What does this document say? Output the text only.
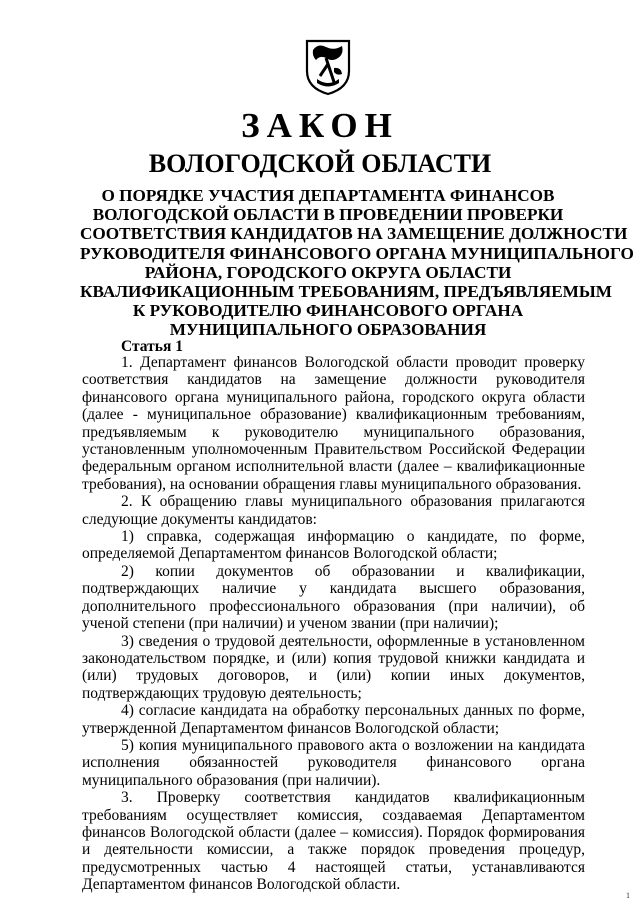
ЗАКОН
ВОЛОГОДСКОЙ ОБЛАСТИ
О ПОРЯДКЕ УЧАСТИЯ ДЕПАРТАМЕНТА ФИНАНСОВ
ВОЛОГОДСКОЙ ОБЛАСТИ В ПРОВЕДЕНИИ ПРОВЕРКИ
СООТВЕТСТВИЯ КАНДИДАТОВ НА ЗАМЕЩЕНИЕ ДОЛЖНОСТИ
РУКОВОДИТЕЛЯ ФИНАНСОВОГО ОРГАНА МУНИЦИПАЛЬНОГО
РАЙОНА, ГОРОДСКОГО ОКРУГА ОБЛАСТИ
КВАЛИФИКАЦИОННЫМ ТРЕБОВАНИЯМ, ПРЕДЪЯВЛЯЕМЫМ
К РУКОВОДИТЕЛЮ ФИНАНСОВОГО ОРГАНА
МУНИЦИПАЛЬНОГО ОБРАЗОВАНИЯ
Статья 1

1. Департамент финансов Вологодской области проводит проверку соответствия кандидатов на замещение должности руководителя финансового органа муниципального района, городского округа области (далее - муниципальное образование) квалификационным требованиям, предъявляемым к руководителю муниципального образования, установленным уполномоченным Правительством Российской Федерации федеральным органом исполнительной власти (далее – квалификационные требования), на основании обращения главы муниципального образования.

2. К обращению главы муниципального образования прилагаются следующие документы кандидатов:

1) справка, содержащая информацию о кандидате, по форме, определяемой Департаментом финансов Вологодской области;

2) копии документов об образовании и квалификации, подтверждающих наличие у кандидата высшего образования, дополнительного профессионального образования (при наличии), об ученой степени (при наличии) и ученом звании (при наличии);

3) сведения о трудовой деятельности, оформленные в установленном законодательством порядке, и (или) копия трудовой книжки кандидата и (или) трудовых договоров, и (или) копии иных документов, подтверждающих трудовую деятельность;

4) согласие кандидата на обработку персональных данных по форме, утвержденной Департаментом финансов Вологодской области;

5) копия муниципального правового акта о возложении на кандидата исполнения обязанностей руководителя финансового органа муниципального образования (при наличии).

3. Проверку соответствия кандидатов квалификационным требованиям осуществляет комиссия, создаваемая Департаментом финансов Вологодской области (далее – комиссия). Порядок формирования и деятельности комиссии, а также порядок проведения процедур, предусмотренных частью 4 настоящей статьи, устанавливаются Департаментом финансов Вологодской области.

1
